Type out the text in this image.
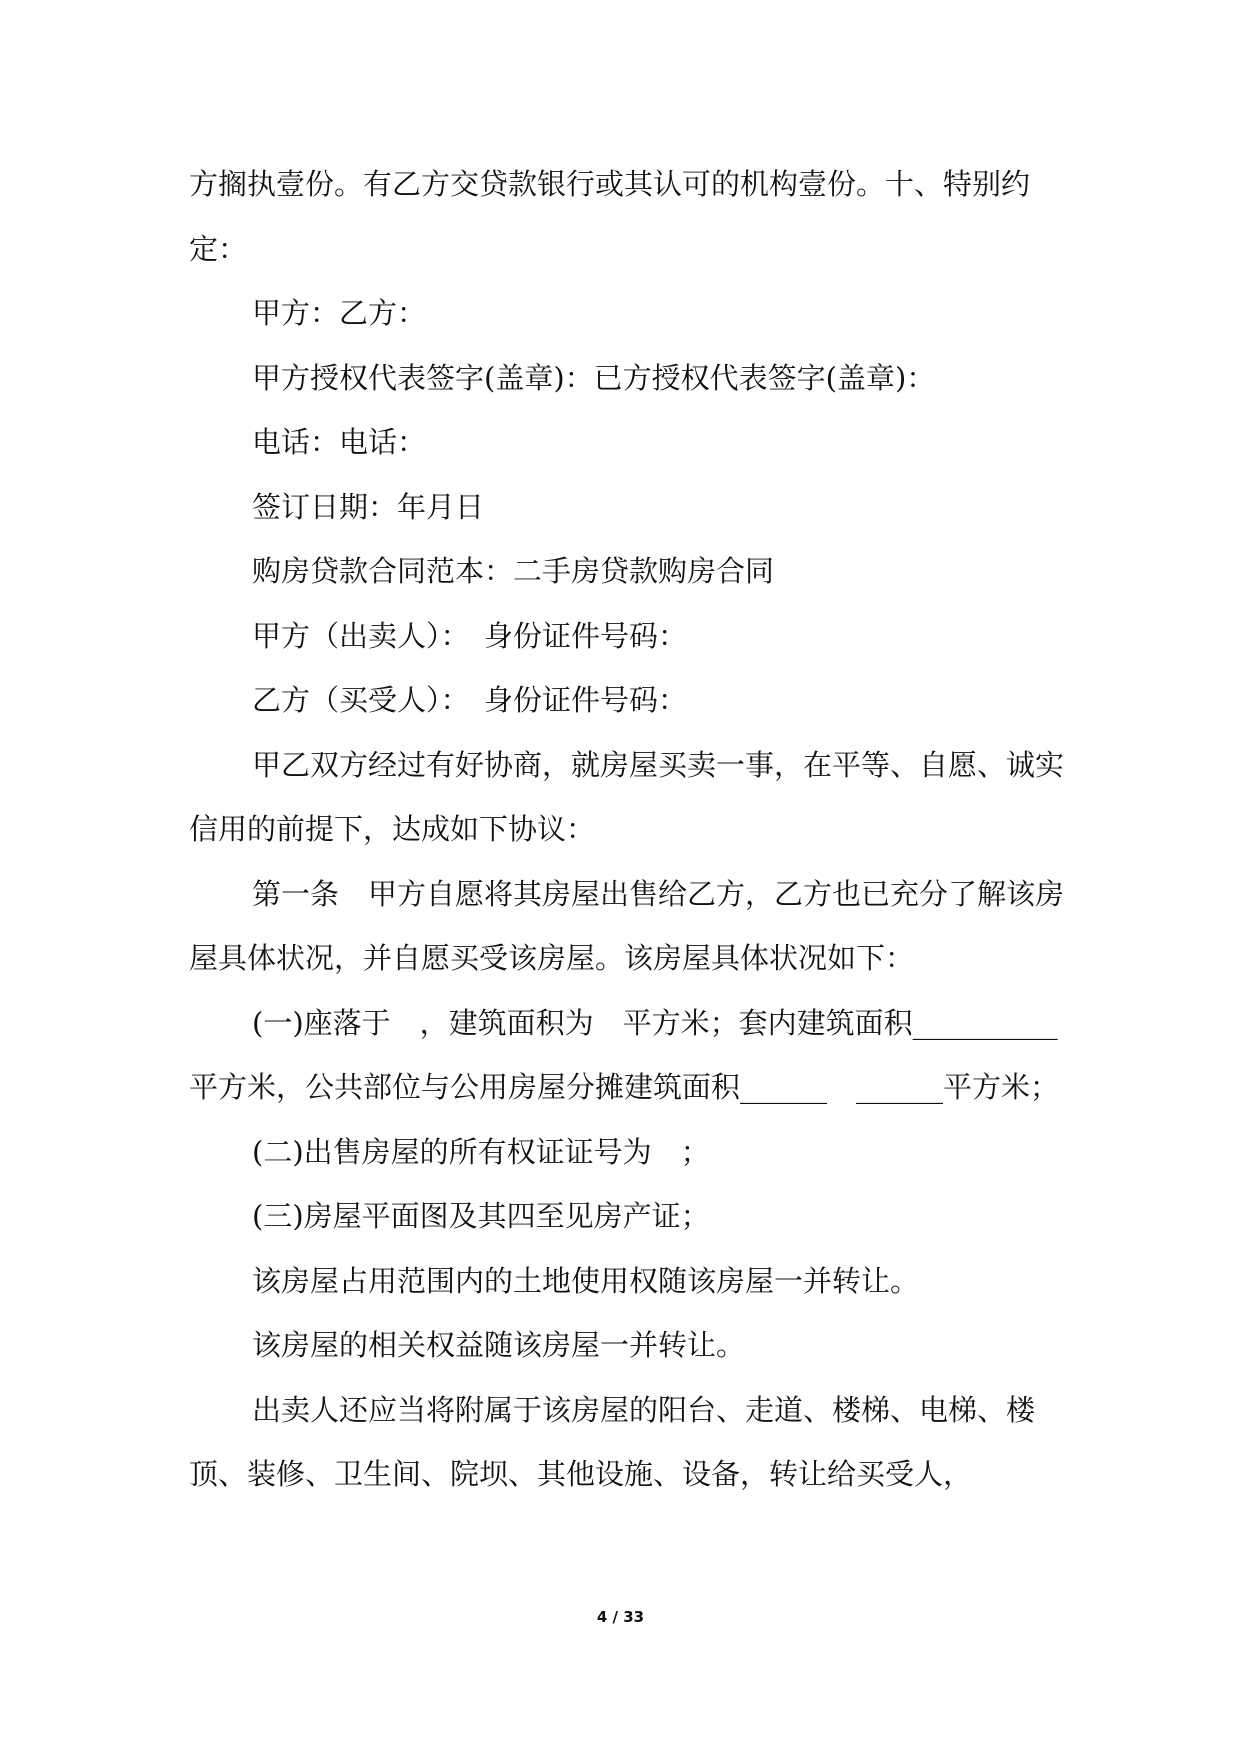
方搁执壹份。有乙方交贷款银行或其认可的机构壹份。十、特别约定：

甲方：乙方：

甲方授权代表签字(盖章)：已方授权代表签字(盖章)：

电话：电话：

签订日期：年月日

购房贷款合同范本：二手房贷款购房合同

甲方（出卖人）：　身份证件号码：

乙方（买受人）：　身份证件号码：

甲乙双方经过有好协商，就房屋买卖一事，在平等、自愿、诚实信用的前提下，达成如下协议：

第一条　甲方自愿将其房屋出售给乙方，乙方也已充分了解该房屋具体状况，并自愿买受该房屋。该房屋具体状况如下：

(一)座落于　，建筑面积为　平方米；套内建筑面积__________平方米，公共部位与公用房屋分摊建筑面积______　______平方米；

(二)出售房屋的所有权证证号为　；

(三)房屋平面图及其四至见房产证；

该房屋占用范围内的土地使用权随该房屋一并转让。

该房屋的相关权益随该房屋一并转让。

出卖人还应当将附属于该房屋的阳台、走道、楼梯、电梯、楼顶、装修、卫生间、院坝、其他设施、设备，转让给买受人，

4 / 33
